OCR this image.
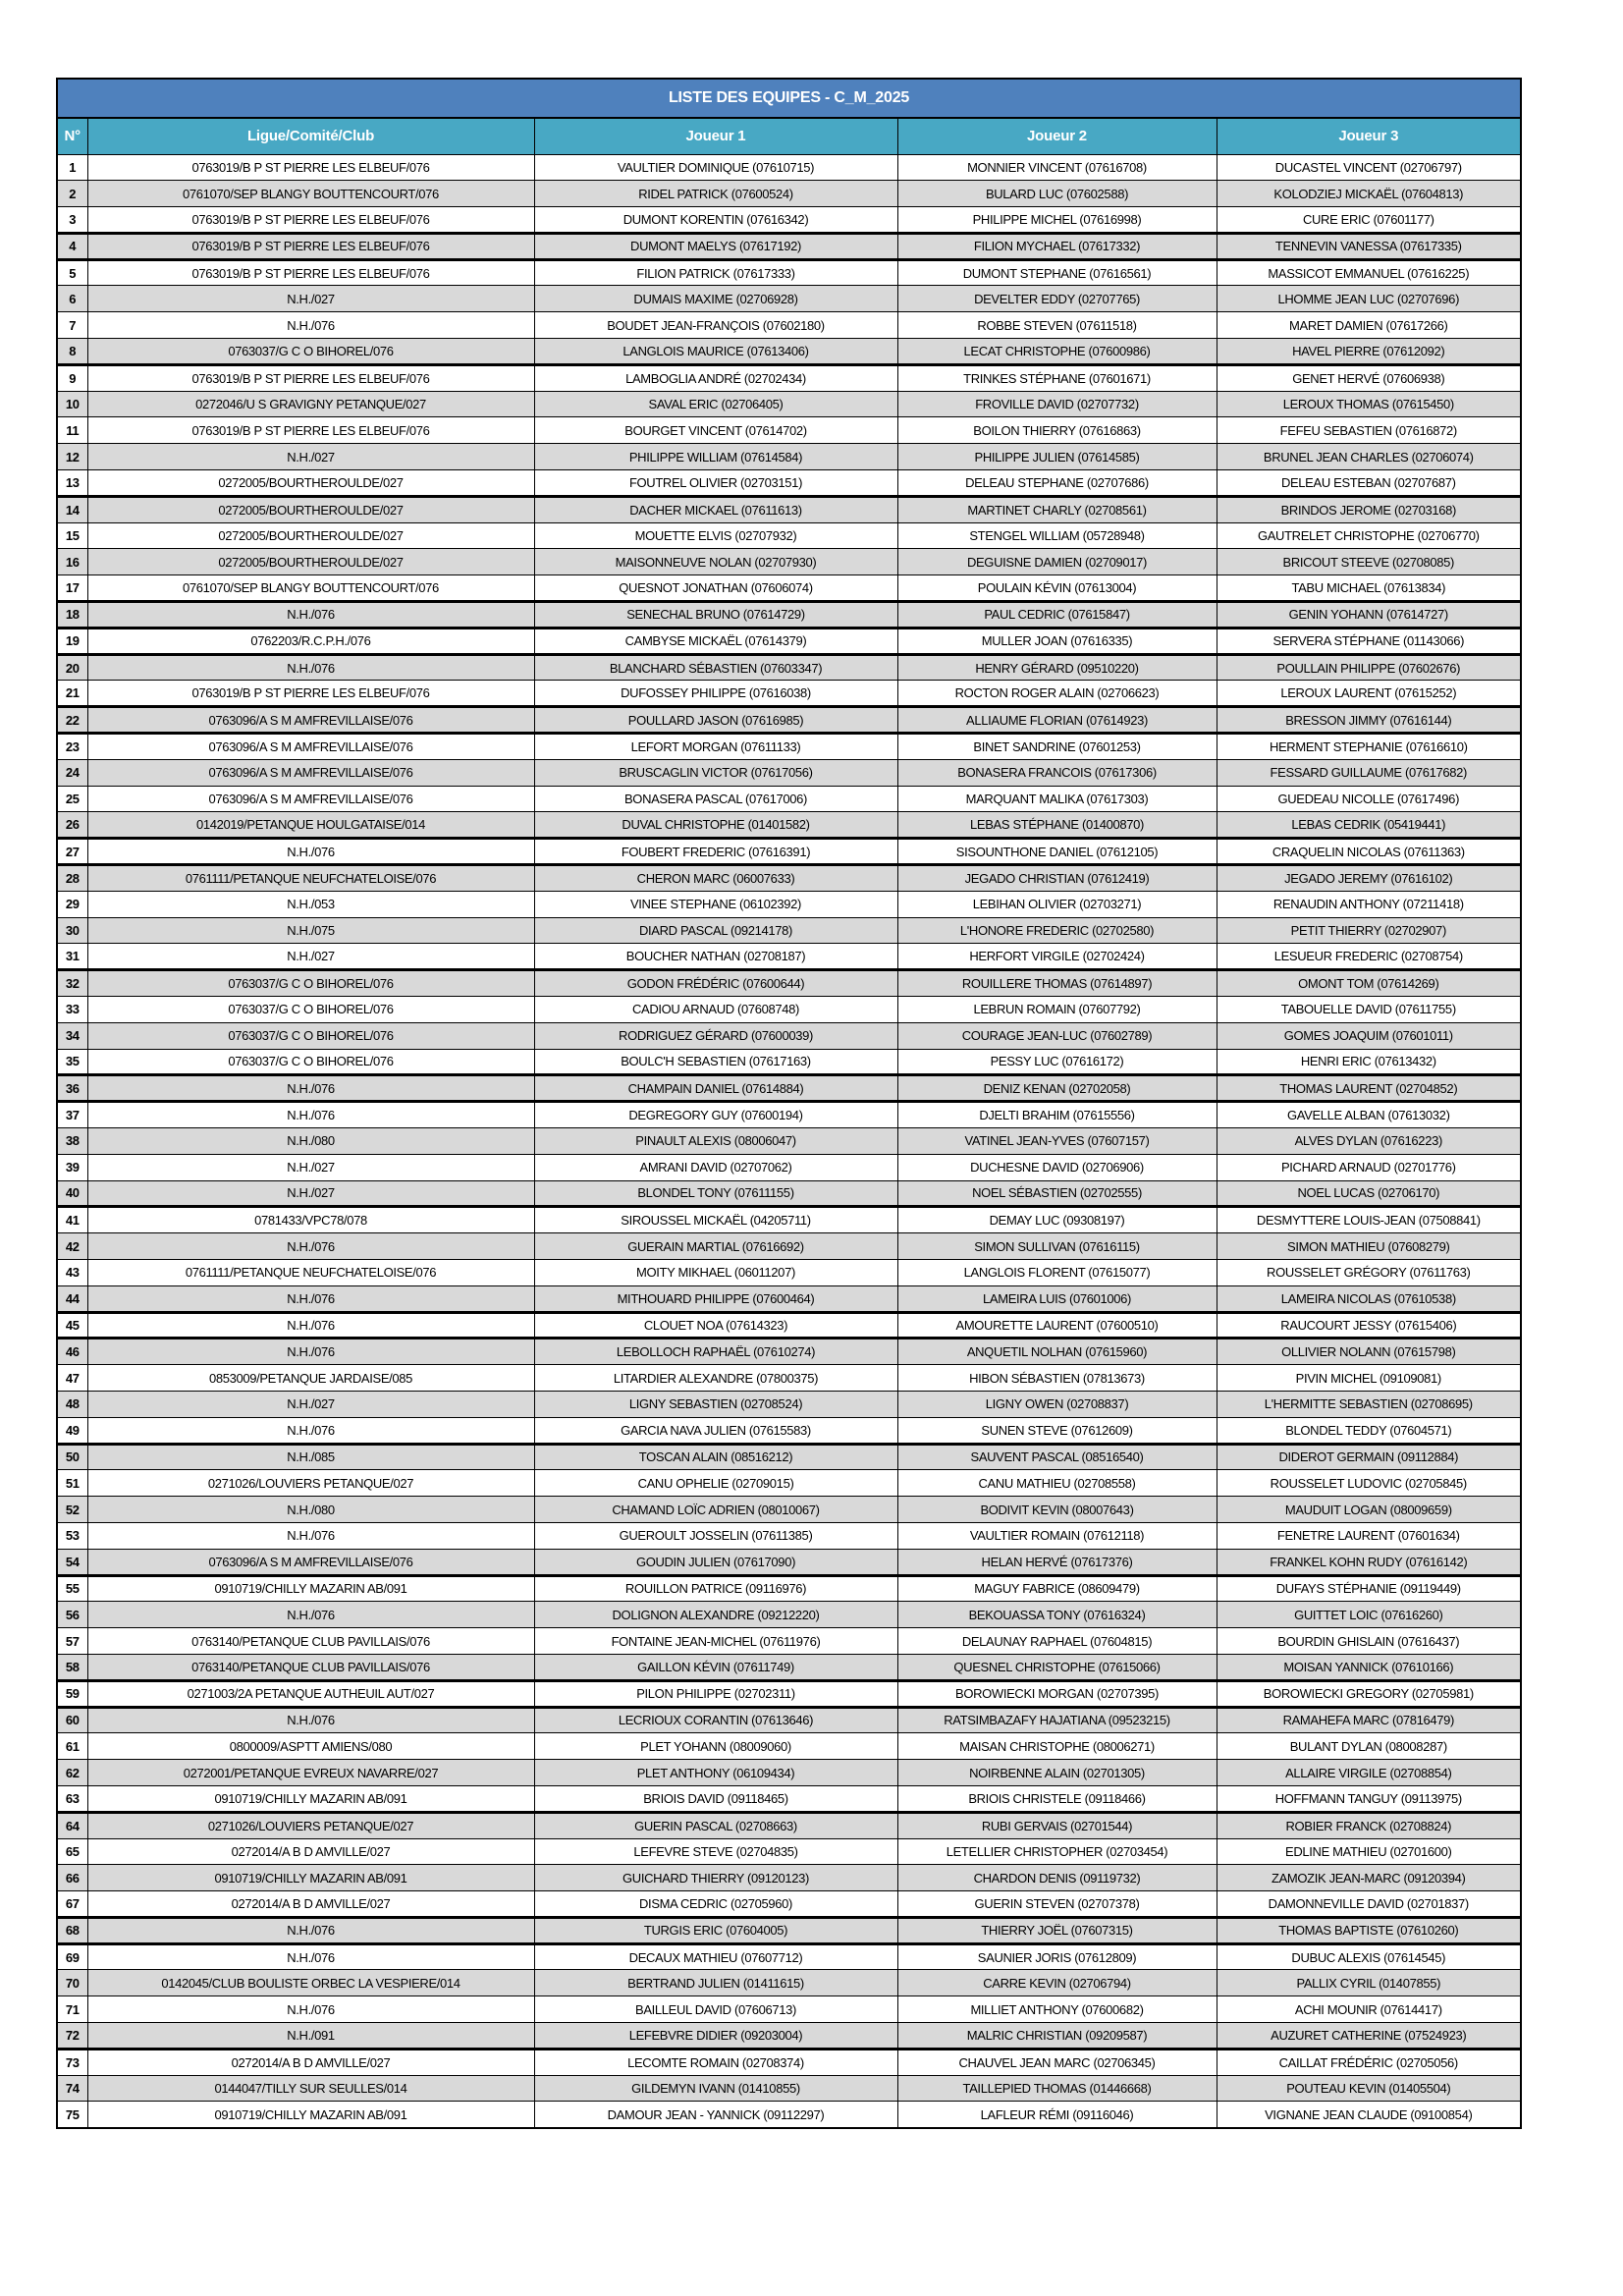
LISTE DES EQUIPES - C_M_2025				
N°	Ligue/Comité/Club	Joueur 1	Joueur 2	Joueur 3
1	0763019/B P ST PIERRE LES ELBEUF/076	VAULTIER DOMINIQUE (07610715)	MONNIER VINCENT (07616708)	DUCASTEL VINCENT (02706797)
2	0761070/SEP BLANGY BOUTTENCOURT/076	RIDEL PATRICK (07600524)	BULARD LUC (07602588)	KOLODZIEJ MICKAËL (07604813)
3	0763019/B P ST PIERRE LES ELBEUF/076	DUMONT KORENTIN (07616342)	PHILIPPE MICHEL (07616998)	CURE ERIC (07601177)
4	0763019/B P ST PIERRE LES ELBEUF/076	DUMONT MAELYS (07617192)	FILION MYCHAEL (07617332)	TENNEVIN VANESSA (07617335)
5	0763019/B P ST PIERRE LES ELBEUF/076	FILION PATRICK (07617333)	DUMONT STEPHANE (07616561)	MASSICOT EMMANUEL (07616225)
6	N.H./027	DUMAIS MAXIME (02706928)	DEVELTER EDDY (02707765)	LHOMME JEAN LUC (02707696)
7	N.H./076	BOUDET JEAN-FRANÇOIS (07602180)	ROBBE STEVEN (07611518)	MARET DAMIEN (07617266)
8	0763037/G C O BIHOREL/076	LANGLOIS MAURICE (07613406)	LECAT CHRISTOPHE (07600986)	HAVEL PIERRE (07612092)
9	0763019/B P ST PIERRE LES ELBEUF/076	LAMBOGLIA ANDRÉ (02702434)	TRINKES STÉPHANE (07601671)	GENET HERVÉ (07606938)
10	0272046/U S GRAVIGNY PETANQUE/027	SAVAL ERIC (02706405)	FROVILLE DAVID (02707732)	LEROUX THOMAS (07615450)
11	0763019/B P ST PIERRE LES ELBEUF/076	BOURGET VINCENT (07614702)	BOILON THIERRY (07616863)	FEFEU SEBASTIEN (07616872)
12	N.H./027	PHILIPPE WILLIAM (07614584)	PHILIPPE JULIEN (07614585)	BRUNEL JEAN CHARLES (02706074)
13	0272005/BOURTHEROULDE/027	FOUTREL OLIVIER (02703151)	DELEAU STEPHANE (02707686)	DELEAU ESTEBAN (02707687)
14	0272005/BOURTHEROULDE/027	DACHER MICKAEL (07611613)	MARTINET CHARLY (02708561)	BRINDOS JEROME (02703168)
15	0272005/BOURTHEROULDE/027	MOUETTE ELVIS (02707932)	STENGEL WILLIAM (05728948)	GAUTRELET CHRISTOPHE (02706770)
16	0272005/BOURTHEROULDE/027	MAISONNEUVE NOLAN (02707930)	DEGUISNE DAMIEN (02709017)	BRICOUT STEEVE (02708085)
17	0761070/SEP BLANGY BOUTTENCOURT/076	QUESNOT JONATHAN (07606074)	POULAIN KÉVIN (07613004)	TABU MICHAEL (07613834)
18	N.H./076	SENECHAL BRUNO (07614729)	PAUL CEDRIC (07615847)	GENIN YOHANN (07614727)
19	0762203/R.C.P.H./076	CAMBYSE MICKAËL (07614379)	MULLER JOAN (07616335)	SERVERA STÉPHANE (01143066)
20	N.H./076	BLANCHARD SÉBASTIEN (07603347)	HENRY GÉRARD (09510220)	POULLAIN PHILIPPE (07602676)
21	0763019/B P ST PIERRE LES ELBEUF/076	DUFOSSEY PHILIPPE (07616038)	ROCTON ROGER ALAIN (02706623)	LEROUX LAURENT (07615252)
22	0763096/A S M AMFREVILLAISE/076	POULLARD JASON (07616985)	ALLIAUME FLORIAN (07614923)	BRESSON JIMMY (07616144)
23	0763096/A S M AMFREVILLAISE/076	LEFORT MORGAN (07611133)	BINET SANDRINE (07601253)	HERMENT STEPHANIE (07616610)
24	0763096/A S M AMFREVILLAISE/076	BRUSCAGLIN VICTOR (07617056)	BONASERA FRANCOIS (07617306)	FESSARD GUILLAUME (07617682)
25	0763096/A S M AMFREVILLAISE/076	BONASERA PASCAL (07617006)	MARQUANT MALIKA (07617303)	GUEDEAU NICOLLE (07617496)
26	0142019/PETANQUE HOULGATAISE/014	DUVAL CHRISTOPHE (01401582)	LEBAS STÉPHANE (01400870)	LEBAS CEDRIK (05419441)
27	N.H./076	FOUBERT FREDERIC (07616391)	SISOUNTHONE DANIEL (07612105)	CRAQUELIN NICOLAS (07611363)
28	0761111/PETANQUE NEUFCHATELOISE/076	CHERON MARC (06007633)	JEGADO CHRISTIAN (07612419)	JEGADO JEREMY (07616102)
29	N.H./053	VINEE STEPHANE (06102392)	LEBIHAN OLIVIER (02703271)	RENAUDIN ANTHONY (07211418)
30	N.H./075	DIARD PASCAL (09214178)	L'HONORE FREDERIC (02702580)	PETIT THIERRY (02702907)
31	N.H./027	BOUCHER NATHAN (02708187)	HERFORT VIRGILE (02702424)	LESUEUR FREDERIC (02708754)
32	0763037/G C O BIHOREL/076	GODON FRÉDÉRIC (07600644)	ROUILLERE THOMAS (07614897)	OMONT TOM (07614269)
33	0763037/G C O BIHOREL/076	CADIOU ARNAUD (07608748)	LEBRUN ROMAIN (07607792)	TABOUELLE DAVID (07611755)
34	0763037/G C O BIHOREL/076	RODRIGUEZ GÉRARD (07600039)	COURAGE JEAN-LUC (07602789)	GOMES JOAQUIM (07601011)
35	0763037/G C O BIHOREL/076	BOULC'H SEBASTIEN (07617163)	PESSY LUC (07616172)	HENRI ERIC (07613432)
36	N.H./076	CHAMPAIN DANIEL (07614884)	DENIZ KENAN (02702058)	THOMAS LAURENT (02704852)
37	N.H./076	DEGREGORY GUY (07600194)	DJELTI BRAHIM (07615556)	GAVELLE ALBAN (07613032)
38	N.H./080	PINAULT ALEXIS (08006047)	VATINEL JEAN-YVES (07607157)	ALVES DYLAN (07616223)
39	N.H./027	AMRANI DAVID (02707062)	DUCHESNE DAVID (02706906)	PICHARD ARNAUD (02701776)
40	N.H./027	BLONDEL TONY (07611155)	NOEL SÉBASTIEN (02702555)	NOEL LUCAS (02706170)
41	0781433/VPC78/078	SIROUSSEL MICKAËL (04205711)	DEMAY LUC (09308197)	DESMYTTERE LOUIS-JEAN (07508841)
42	N.H./076	GUERAIN MARTIAL (07616692)	SIMON SULLIVAN (07616115)	SIMON MATHIEU (07608279)
43	0761111/PETANQUE NEUFCHATELOISE/076	MOITY MIKHAEL (06011207)	LANGLOIS FLORENT (07615077)	ROUSSELET GRÉGORY (07611763)
44	N.H./076	MITHOUARD PHILIPPE (07600464)	LAMEIRA LUIS (07601006)	LAMEIRA NICOLAS (07610538)
45	N.H./076	CLOUET NOA (07614323)	AMOURETTE LAURENT (07600510)	RAUCOURT JESSY (07615406)
46	N.H./076	LEBOLLOCH RAPHAËL (07610274)	ANQUETIL NOLHAN (07615960)	OLLIVIER NOLANN (07615798)
47	0853009/PETANQUE JARDAISE/085	LITARDIER ALEXANDRE (07800375)	HIBON SÉBASTIEN (07813673)	PIVIN MICHEL (09109081)
48	N.H./027	LIGNY SEBASTIEN (02708524)	LIGNY OWEN (02708837)	L'HERMITTE SEBASTIEN (02708695)
49	N.H./076	GARCIA NAVA JULIEN (07615583)	SUNEN STEVE (07612609)	BLONDEL TEDDY (07604571)
50	N.H./085	TOSCAN ALAIN (08516212)	SAUVENT PASCAL (08516540)	DIDEROT GERMAIN (09112884)
51	0271026/LOUVIERS PETANQUE/027	CANU OPHELIE (02709015)	CANU MATHIEU (02708558)	ROUSSELET LUDOVIC (02705845)
52	N.H./080	CHAMAND LOÏC ADRIEN (08010067)	BODIVIT KEVIN (08007643)	MAUDUIT LOGAN (08009659)
53	N.H./076	GUEROULT JOSSELIN (07611385)	VAULTIER ROMAIN (07612118)	FENETRE LAURENT (07601634)
54	0763096/A S M AMFREVILLAISE/076	GOUDIN JULIEN (07617090)	HELAN HERVÉ (07617376)	FRANKEL KOHN RUDY (07616142)
55	0910719/CHILLY MAZARIN AB/091	ROUILLON PATRICE (09116976)	MAGUY FABRICE (08609479)	DUFAYS STÉPHANIE (09119449)
56	N.H./076	DOLIGNON ALEXANDRE (09212220)	BEKOUASSA TONY (07616324)	GUITTET LOIC (07616260)
57	0763140/PETANQUE CLUB PAVILLAIS/076	FONTAINE JEAN-MICHEL (07611976)	DELAUNAY RAPHAEL (07604815)	BOURDIN GHISLAIN (07616437)
58	0763140/PETANQUE CLUB PAVILLAIS/076	GAILLON KÉVIN (07611749)	QUESNEL CHRISTOPHE (07615066)	MOISAN YANNICK (07610166)
59	0271003/2A PETANQUE AUTHEUIL AUT/027	PILON PHILIPPE (02702311)	BOROWIECKI MORGAN (02707395)	BOROWIECKI GREGORY (02705981)
60	N.H./076	LECRIOUX CORANTIN (07613646)	RATSIMBAZAFY HAJATIANA (09523215)	RAMAHEFA MARC (07816479)
61	0800009/ASPTT AMIENS/080	PLET YOHANN (08009060)	MAISAN CHRISTOPHE (08006271)	BULANT DYLAN (08008287)
62	0272001/PETANQUE EVREUX NAVARRE/027	PLET ANTHONY (06109434)	NOIRBENNE ALAIN (02701305)	ALLAIRE VIRGILE (02708854)
63	0910719/CHILLY MAZARIN AB/091	BRIOIS DAVID (09118465)	BRIOIS CHRISTELE (09118466)	HOFFMANN TANGUY (09113975)
64	0271026/LOUVIERS PETANQUE/027	GUERIN PASCAL (02708663)	RUBI GERVAIS (02701544)	ROBIER FRANCK (02708824)
65	0272014/A B D AMVILLE/027	LEFEVRE STEVE (02704835)	LETELLIER CHRISTOPHER (02703454)	EDLINE MATHIEU (02701600)
66	0910719/CHILLY MAZARIN AB/091	GUICHARD THIERRY (09120123)	CHARDON DENIS (09119732)	ZAMOZIK JEAN-MARC (09120394)
67	0272014/A B D AMVILLE/027	DISMA CEDRIC (02705960)	GUERIN STEVEN (02707378)	DAMONNEVILLE DAVID (02701837)
68	N.H./076	TURGIS ERIC (07604005)	THIERRY JOËL (07607315)	THOMAS BAPTISTE (07610260)
69	N.H./076	DECAUX MATHIEU (07607712)	SAUNIER JORIS (07612809)	DUBUC ALEXIS (07614545)
70	0142045/CLUB BOULISTE ORBEC LA VESPIERE/014	BERTRAND JULIEN (01411615)	CARRE KEVIN (02706794)	PALLIX CYRIL (01407855)
71	N.H./076	BAILLEUL DAVID (07606713)	MILLIET ANTHONY (07600682)	ACHI MOUNIR (07614417)
72	N.H./091	LEFEBVRE DIDIER (09203004)	MALRIC CHRISTIAN (09209587)	AUZURET CATHERINE (07524923)
73	0272014/A B D AMVILLE/027	LECOMTE ROMAIN (02708374)	CHAUVEL JEAN MARC (02706345)	CAILLAT FRÉDÉRIC (02705056)
74	0144047/TILLY SUR SEULLES/014	GILDEMYN IVANN (01410855)	TAILLEPIED THOMAS (01446668)	POUTEAU KEVIN (01405504)
75	0910719/CHILLY MAZARIN AB/091	DAMOUR JEAN - YANNICK (09112297)	LAFLEUR RÉMI (09116046)	VIGNANE JEAN CLAUDE (09100854)
